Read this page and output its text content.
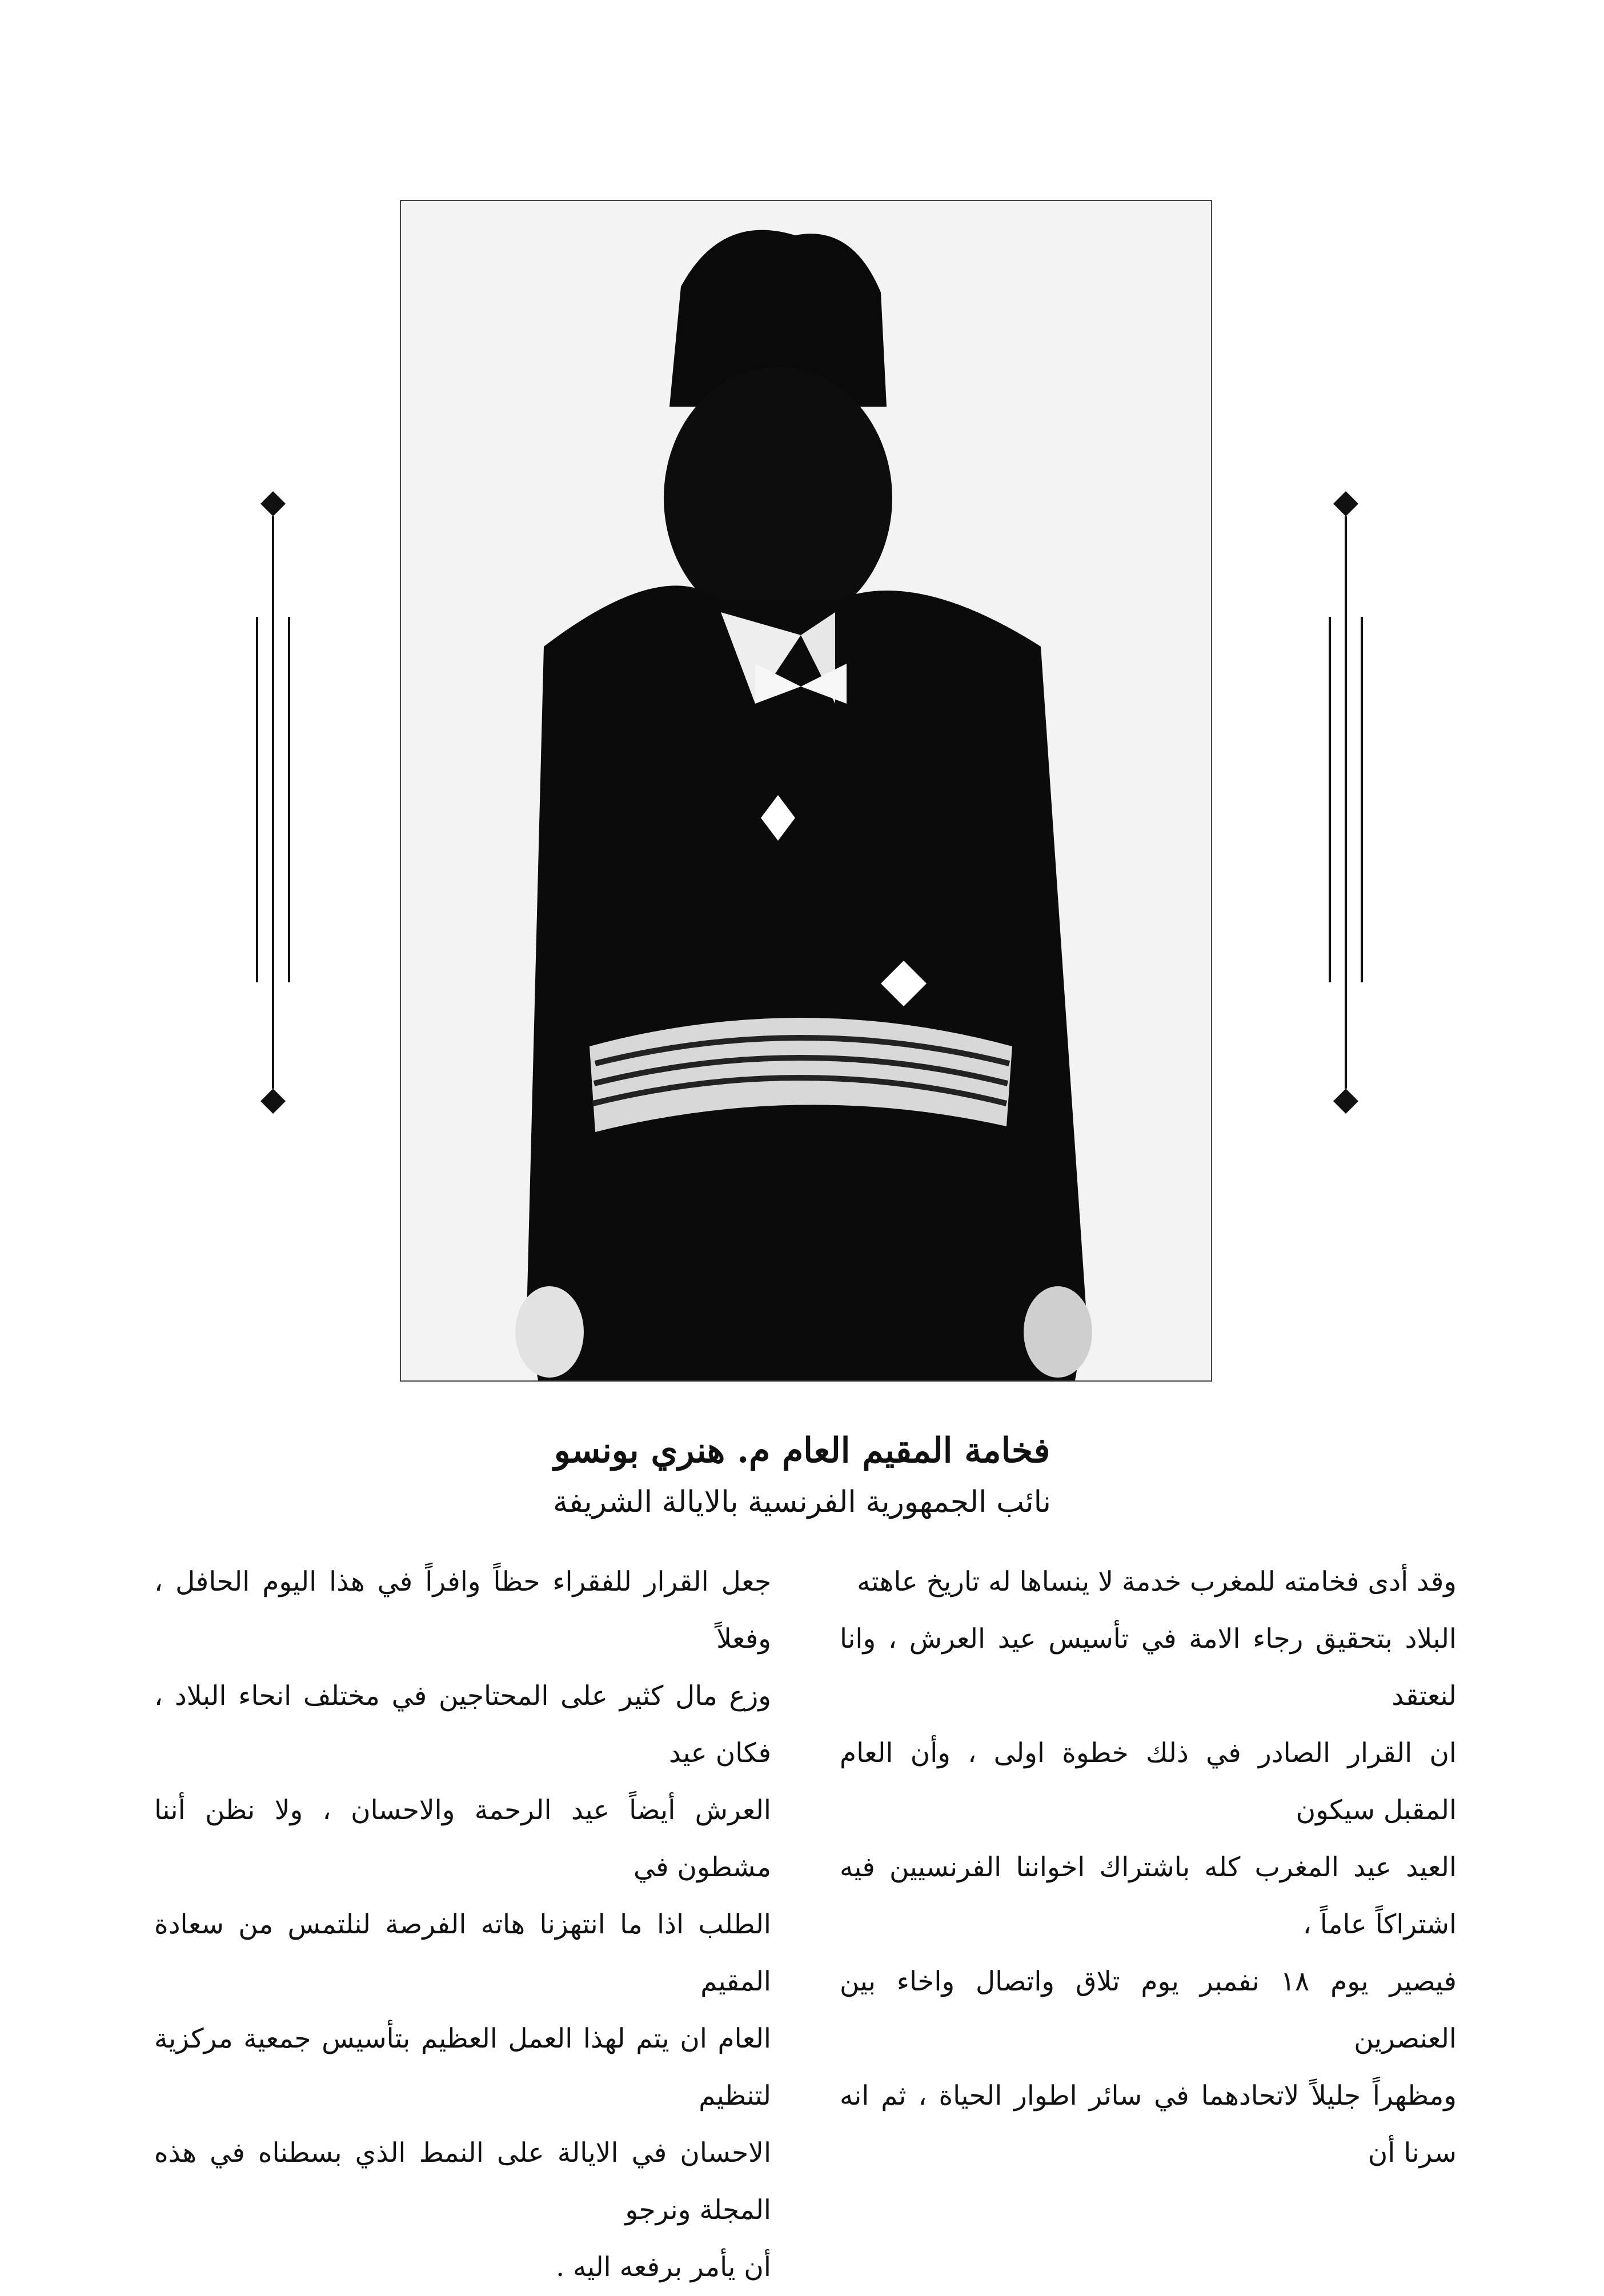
فخامة المقيم العام م. هنري بونسو
نائب الجمهورية الفرنسية بالايالة الشريفة

وقد أدى فخامته للمغرب خدمة لا ينساها له تاريخ عاهته

البلاد بتحقيق رجاء الامة في تأسيس عيد العرش ، وانا لنعتقد

ان القرار الصادر في ذلك خطوة اولى ، وأن العام المقبل سيكون

العيد عيد المغرب كله باشتراك اخواننا الفرنسيين فيه اشتراكاً عاماً ،

فيصير يوم ١٨ نفمبر يوم تلاق واتصال واخاء بين العنصرين

ومظهراً جليلاً لاتحادهما في سائر اطوار الحياة ، ثم انه سرنا أن

جعل القرار للفقراء حظاً وافراً في هذا اليوم الحافل ، وفعلاً

وزع مال كثير على المحتاجين في مختلف انحاء البلاد ، فكان عيد

العرش أيضاً عيد الرحمة والاحسان ، ولا نظن أننا مشطون في

الطلب اذا ما انتهزنا هاته الفرصة لنلتمس من سعادة المقيم

العام ان يتم لهذا العمل العظيم بتأسيس جمعية مركزية لتنظيم

الاحسان في الايالة على النمط الذي بسطناه في هذه المجلة ونرجو

أن يأمر برفعه اليه .
